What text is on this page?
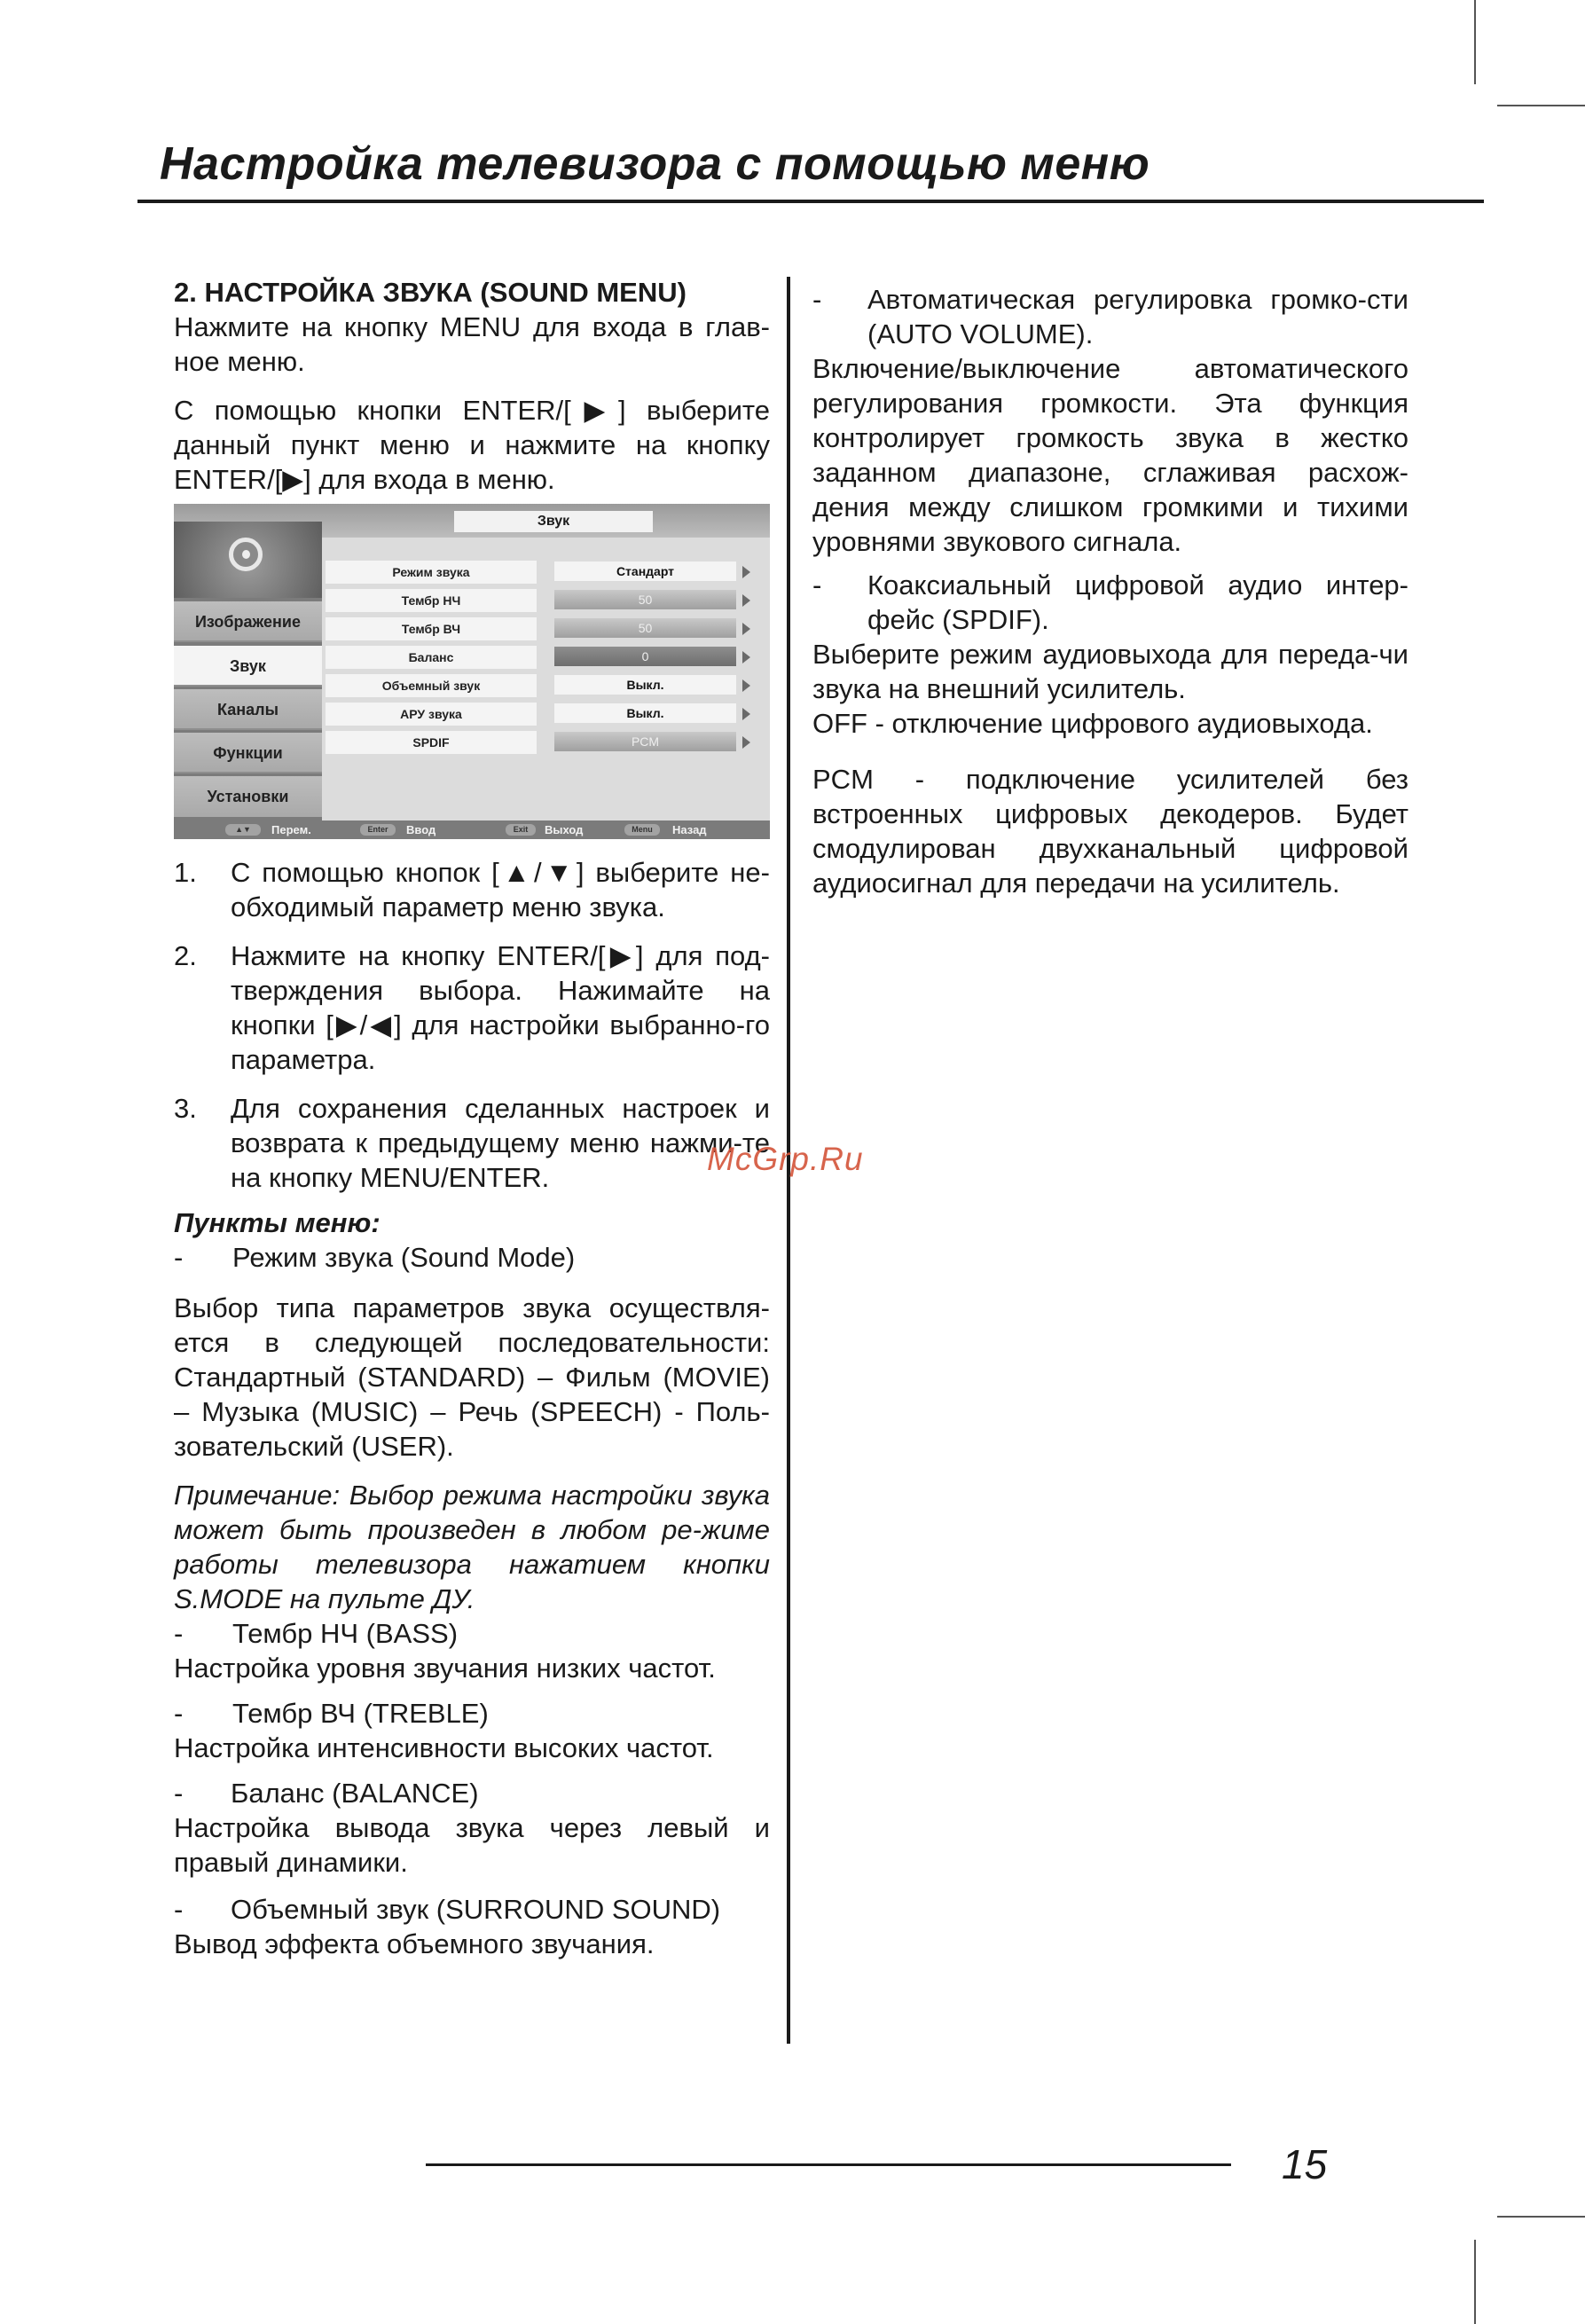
Настройка телевизора с помощью меню

2. НАСТРОЙКА ЗВУКА (SOUND MENU)

Нажмите на кнопку MENU для входа в глав-ное меню.

С помощью кнопки ENTER/[▶] выберите данный пункт меню и нажмите на кнопку ENTER/[▶] для входа в меню.

Звук
Изображение
Звук
Каналы
Функции
Установки
Режим звука	Стандарт
Тембр НЧ	50
Тембр ВЧ	50
Баланс	0
Объемный звук	Выкл.
АРУ звука	Выкл.
SPDIF	PCM
▲▼	Перем.	Enter	Ввод	Exit	Выход	Menu	Назад
1. С помощью кнопок [▲/▼] выберите не-обходимый параметр меню звука.
2. Нажмите на кнопку ENTER/[▶] для под-тверждения выбора. Нажимайте на кнопки [▶/◀] для настройки выбранно-го параметра.
3. Для сохранения сделанных настроек и возврата к предыдущему меню нажми-те на кнопку MENU/ENTER.

Пункты меню:

- Режим звука (Sound Mode)

Выбор типа параметров звука осуществля-ется в следующей последовательности: Стандартный (STANDARD) – Фильм (MOVIE) – Музыка (MUSIC) – Речь (SPEECH) - Поль-зовательский (USER).

Примечание: Выбор режима настройки звука может быть произведен в любом ре-жиме работы телевизора нажатием кнопки S.MODE на пульте ДУ.

- Тембр НЧ (BASS)

Настройка уровня звучания низких частот.

- Тембр ВЧ (TREBLE)

Настройка интенсивности высоких частот.

- Баланс (BALANCE)

Настройка вывода звука через левый и правый динамики.

- Объемный звук (SURROUND SOUND)

Вывод эффекта объемного звучания.

- Автоматическая регулировка громко-сти (AUTO VOLUME).

Включение/выключение автоматического регулирования громкости. Эта функция контролирует громкость звука в жестко заданном диапазоне, сглаживая расхож-дения между слишком громкими и тихими уровнями звукового сигнала.

- Коаксиальный цифровой аудио интер-фейс (SPDIF).

Выберите режим аудиовыхода для переда-чи звука на внешний усилитель.

OFF - отключение цифрового аудиовыхода.

PCM - подключение усилителей без встроенных цифровых декодеров. Будет смодулирован двухканальный цифровой аудиосигнал для передачи на усилитель.

McGrp.Ru
15
